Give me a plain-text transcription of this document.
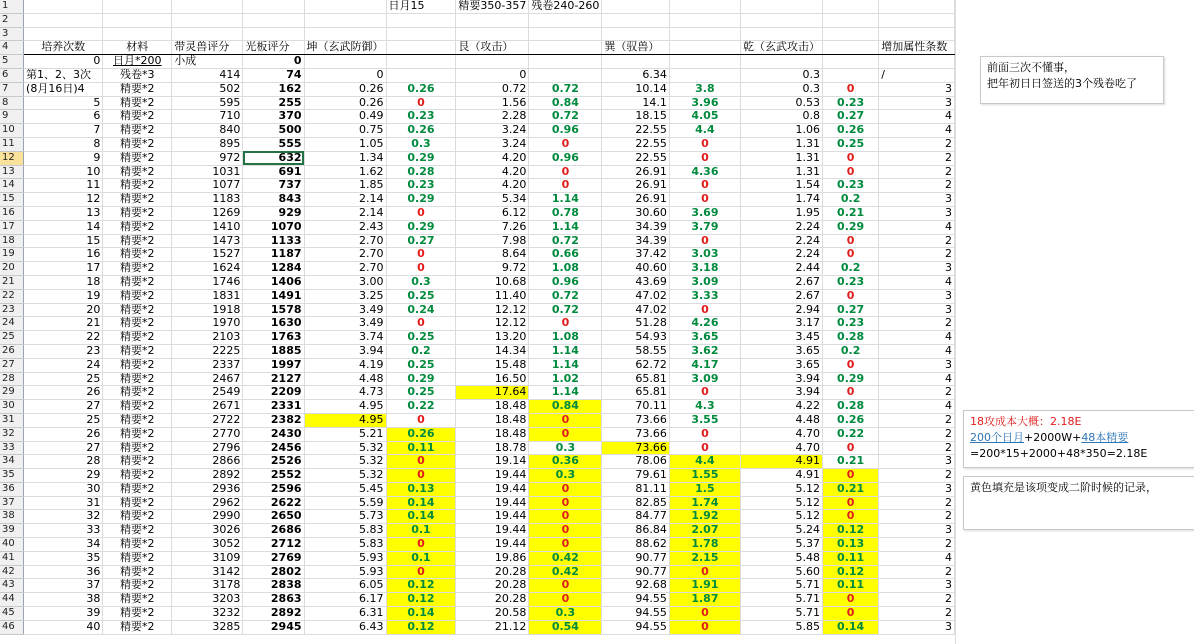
1						日月15	精要350-357	残卷240-260					
2													
3													
4	培养次数	材料	带灵兽评分	光板评分	坤（玄武防御）		艮（攻击）		巽（驭兽）		乾（玄武攻击）		增加属性条数
5	0	日月*200	小成	0									
6	第1、2、3次	残卷*3	414	74	0		0		6.34		0.3		/
7	(8月16日)4	精要*2	502	162	0.26	0.26	0.72	0.72	10.14	3.8	0.3	0	3
8	5	精要*2	595	255	0.26	0	1.56	0.84	14.1	3.96	0.53	0.23	3
9	6	精要*2	710	370	0.49	0.23	2.28	0.72	18.15	4.05	0.8	0.27	4
10	7	精要*2	840	500	0.75	0.26	3.24	0.96	22.55	4.4	1.06	0.26	4
11	8	精要*2	895	555	1.05	0.3	3.24	0	22.55	0	1.31	0.25	2
12	9	精要*2	972	632	1.34	0.29	4.20	0.96	22.55	0	1.31	0	2
13	10	精要*2	1031	691	1.62	0.28	4.20	0	26.91	4.36	1.31	0	2
14	11	精要*2	1077	737	1.85	0.23	4.20	0	26.91	0	1.54	0.23	2
15	12	精要*2	1183	843	2.14	0.29	5.34	1.14	26.91	0	1.74	0.2	3
16	13	精要*2	1269	929	2.14	0	6.12	0.78	30.60	3.69	1.95	0.21	3
17	14	精要*2	1410	1070	2.43	0.29	7.26	1.14	34.39	3.79	2.24	0.29	4
18	15	精要*2	1473	1133	2.70	0.27	7.98	0.72	34.39	0	2.24	0	2
19	16	精要*2	1527	1187	2.70	0	8.64	0.66	37.42	3.03	2.24	0	2
20	17	精要*2	1624	1284	2.70	0	9.72	1.08	40.60	3.18	2.44	0.2	3
21	18	精要*2	1746	1406	3.00	0.3	10.68	0.96	43.69	3.09	2.67	0.23	4
22	19	精要*2	1831	1491	3.25	0.25	11.40	0.72	47.02	3.33	2.67	0	3
23	20	精要*2	1918	1578	3.49	0.24	12.12	0.72	47.02	0	2.94	0.27	3
24	21	精要*2	1970	1630	3.49	0	12.12	0	51.28	4.26	3.17	0.23	2
25	22	精要*2	2103	1763	3.74	0.25	13.20	1.08	54.93	3.65	3.45	0.28	4
26	23	精要*2	2225	1885	3.94	0.2	14.34	1.14	58.55	3.62	3.65	0.2	4
27	24	精要*2	2337	1997	4.19	0.25	15.48	1.14	62.72	4.17	3.65	0	3
28	25	精要*2	2467	2127	4.48	0.29	16.50	1.02	65.81	3.09	3.94	0.29	4
29	26	精要*2	2549	2209	4.73	0.25	17.64	1.14	65.81	0	3.94	0	2
30	27	精要*2	2671	2331	4.95	0.22	18.48	0.84	70.11	4.3	4.22	0.28	4
31	25	精要*2	2722	2382	4.95	0	18.48	0	73.66	3.55	4.48	0.26	2
32	26	精要*2	2770	2430	5.21	0.26	18.48	0	73.66	0	4.70	0.22	2
33	27	精要*2	2796	2456	5.32	0.11	18.78	0.3	73.66	0	4.70	0	2
34	28	精要*2	2866	2526	5.32	0	19.14	0.36	78.06	4.4	4.91	0.21	3
35	29	精要*2	2892	2552	5.32	0	19.44	0.3	79.61	1.55	4.91	0	2
36	30	精要*2	2936	2596	5.45	0.13	19.44	0	81.11	1.5	5.12	0.21	3
37	31	精要*2	2962	2622	5.59	0.14	19.44	0	82.85	1.74	5.12	0	2
38	32	精要*2	2990	2650	5.73	0.14	19.44	0	84.77	1.92	5.12	0	2
39	33	精要*2	3026	2686	5.83	0.1	19.44	0	86.84	2.07	5.24	0.12	3
40	34	精要*2	3052	2712	5.83	0	19.44	0	88.62	1.78	5.37	0.13	2
41	35	精要*2	3109	2769	5.93	0.1	19.86	0.42	90.77	2.15	5.48	0.11	4
42	36	精要*2	3142	2802	5.93	0	20.28	0.42	90.77	0	5.60	0.12	2
43	37	精要*2	3178	2838	6.05	0.12	20.28	0	92.68	1.91	5.71	0.11	3
44	38	精要*2	3203	2863	6.17	0.12	20.28	0	94.55	1.87	5.71	0	2
45	39	精要*2	3232	2892	6.31	0.14	20.58	0.3	94.55	0	5.71	0	2
46	40	精要*2	3285	2945	6.43	0.12	21.12	0.54	94.55	0	5.85	0.14	3
前面三次不懂事，
把年初日日签送的3个残卷吃了
18攻成本大概：2.18E
200个日月+2000W+48本精要
=200*15+2000+48*350=2.18E
黄色填充是该项变成二阶时候的记录，
